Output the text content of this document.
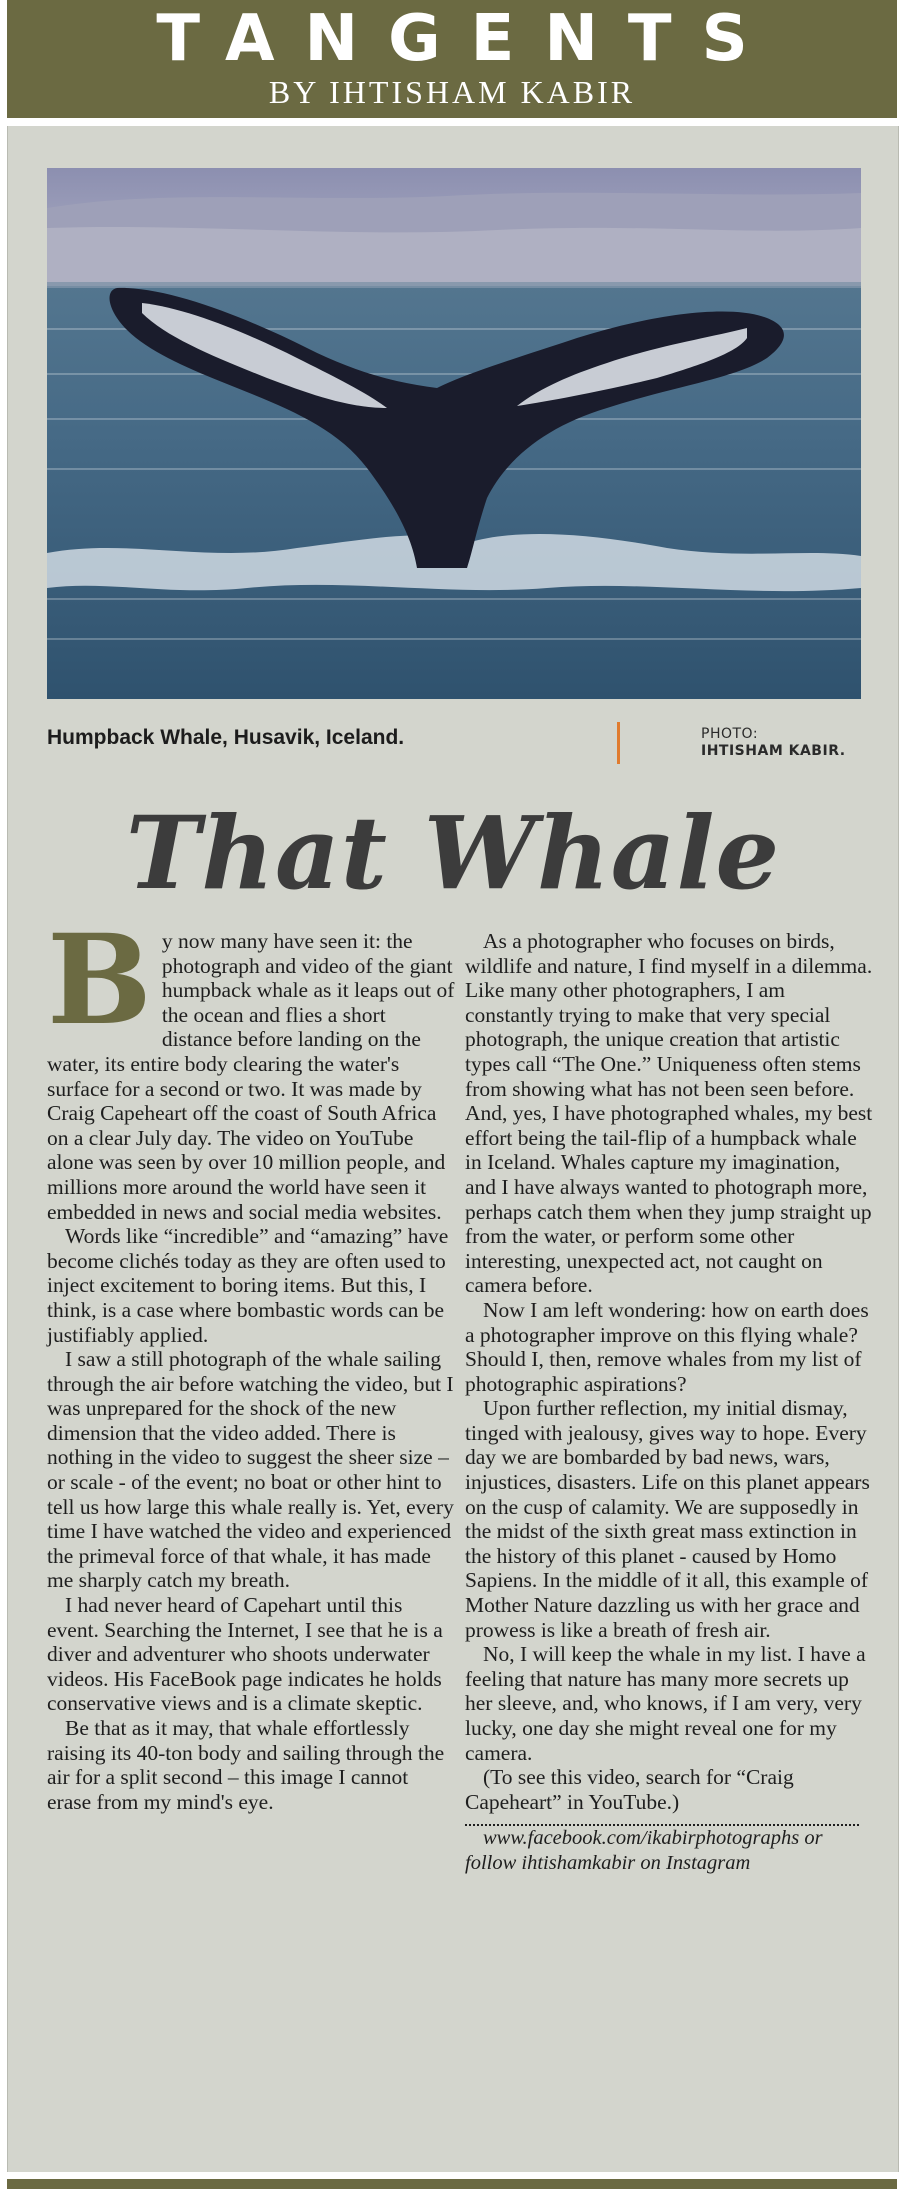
TANGENTS
BY IHTISHAM KABIR
Humpback Whale, Husavik, Iceland.	PHOTO:
IHTISHAM KABIR.
That Whale
B y now many have seen it: the photograph and video of the giant humpback whale as it leaps out of the ocean and flies a short distance before landing on the water, its entire body clearing the water's surface for a second or two. It was made by Craig Capeheart off the coast of South Africa on a clear July day. The video on YouTube alone was seen by over 10 million people, and millions more around the world have seen it embedded in news and social media websites.

Words like “incredible” and “amazing” have become clichés today as they are often used to inject excitement to boring items. But this, I think, is a case where bombastic words can be justifiably applied.

I saw a still photograph of the whale sailing through the air before watching the video, but I was unprepared for the shock of the new dimension that the video added. There is nothing in the video to suggest the sheer size – or scale - of the event; no boat or other hint to tell us how large this whale really is. Yet, every time I have watched the video and experienced the primeval force of that whale, it has made me sharply catch my breath.

I had never heard of Capehart until this event. Searching the Internet, I see that he is a diver and adventurer who shoots underwater videos. His FaceBook page indicates he holds conservative views and is a climate skeptic.

Be that as it may, that whale effortlessly raising its 40-ton body and sailing through the air for a split second – this image I cannot erase from my mind's eye.

As a photographer who focuses on birds, wildlife and nature, I find myself in a dilemma. Like many other photographers, I am constantly trying to make that very special photograph, the unique creation that artistic types call “The One.” Uniqueness often stems from showing what has not been seen before. And, yes, I have photographed whales, my best effort being the tail-flip of a humpback whale in Iceland. Whales capture my imagination, and I have always wanted to photograph more, perhaps catch them when they jump straight up from the water, or perform some other interesting, unexpected act, not caught on camera before.

Now I am left wondering: how on earth does a photographer improve on this flying whale? Should I, then, remove whales from my list of photographic aspirations?

Upon further reflection, my initial dismay, tinged with jealousy, gives way to hope. Every day we are bombarded by bad news, wars, injustices, disasters. Life on this planet appears on the cusp of calamity. We are supposedly in the midst of the sixth great mass extinction in the history of this planet - caused by Homo Sapiens. In the middle of it all, this example of Mother Nature dazzling us with her grace and prowess is like a breath of fresh air.

No, I will keep the whale in my list. I have a feeling that nature has many more secrets up her sleeve, and, who knows, if I am very, very lucky, one day she might reveal one for my camera.

(To see this video, search for “Craig Capeheart” in YouTube.)

www.facebook.com/ikabirphotographs or follow ihtishamkabir on Instagram
